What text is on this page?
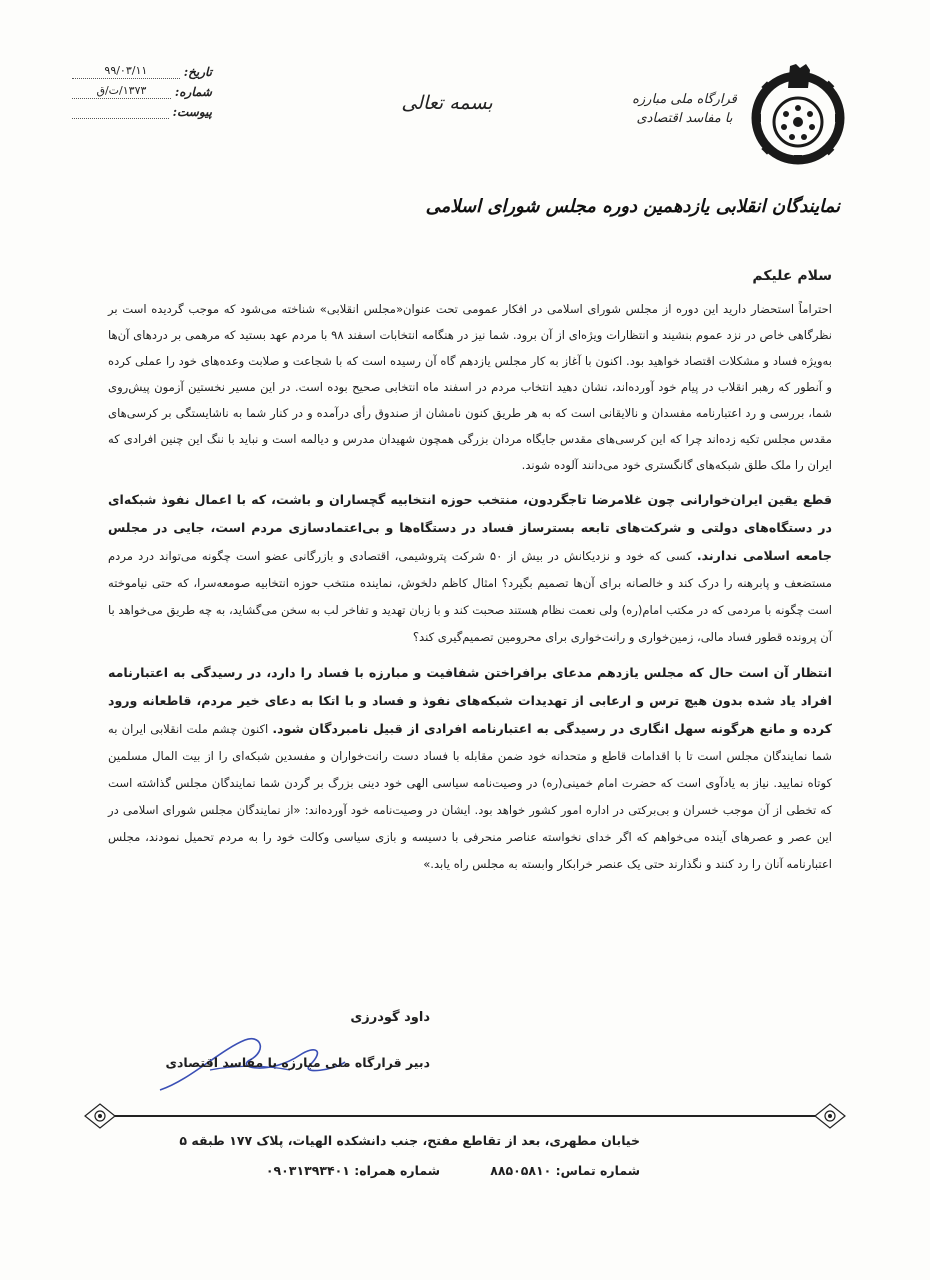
قرارگاه ملی مبارزه
با مفاسد اقتصادی
بسمه تعالی
تاریخ:
۹۹/۰۳/۱۱
شماره:
۱۳۷۳/ت/ق
پیوست:
نمایندگان انقلابی یازدهمین دوره مجلس شورای اسلامی

سلام علیکم

احتراماً استحضار دارید این دوره از مجلس شورای اسلامی در افکار عمومی تحت عنوان«مجلس انقلابی» شناخته می‌شود که موجب گردیده است بر نظرگاهی خاص در نزد عموم بنشیند و انتظارات ویژه‌ای از آن برود. شما نیز در هنگامه انتخابات اسفند ۹۸ با مردم عهد بستید که مرهمی بر دردهای آن‌ها به‌ویژه فساد و مشکلات اقتصاد خواهید بود. اکنون با آغاز به کار مجلس یازدهم گاه آن رسیده است که با شجاعت و صلابت وعده‌های خود را عملی کرده و آنطور که رهبر انقلاب در پیام خود آورده‌اند، نشان دهید انتخاب مردم در اسفند ماه انتخابی صحیح بوده است. در این مسیر نخستین آزمون پیش‌روی شما، بررسی و رد اعتبارنامه مفسدان و نالایقانی است که به هر طریق کنون نامشان از صندوق رأی درآمده و در کنار شما به ناشایستگی بر کرسی‌های مقدس مجلس تکیه زده‌اند چرا که این کرسی‌های مقدس جایگاه مردان بزرگی همچون شهیدان مدرس و دیالمه است و نباید با ننگ این چنین افرادی که ایران را ملک طلق شبکه‌های گانگستری خود می‌دانند آلوده شوند.

قطع یقین ایران‌خوارانی چون غلامرضا تاجگردون، منتخب حوزه انتخابیه گچساران و باشت، که با اعمال نفوذ شبکه‌ای در دستگاه‌های دولتی و شرکت‌های تابعه بسترساز فساد در دستگاه‌ها و بی‌اعتمادسازی مردم است، جایی در مجلس جامعه اسلامی ندارند. کسی که خود و نزدیکانش در بیش از ۵۰ شرکت پتروشیمی، اقتصادی و بازرگانی عضو است چگونه می‌تواند درد مردم مستضعف و پابرهنه را درک کند و خالصانه برای آن‌ها تصمیم بگیرد؟ امثال کاظم دلخوش، نماینده منتخب حوزه انتخابیه صومعه‌سرا، که حتی نیاموخته است چگونه با مردمی که در مکتب امام(ره) ولی نعمت نظام هستند صحبت کند و با زبان تهدید و تفاخر لب به سخن می‌گشاید، به چه طریق می‌خواهد با آن پرونده قطور فساد مالی، زمین‌خواری و رانت‌خواری برای محرومین تصمیم‌گیری کند؟

انتظار آن است حال که مجلس یازدهم مدعای برافراختن شفافیت و مبارزه با فساد را دارد، در رسیدگی به اعتبارنامه افراد یاد شده بدون هیچ ترس و ارعابی از تهدیدات شبکه‌های نفوذ و فساد و با اتکا به دعای خیر مردم، قاطعانه ورود کرده و مانع هرگونه سهل انگاری در رسیدگی به اعتبارنامه افرادی از قبیل نامبردگان شود. اکنون چشم ملت انقلابی ایران به شما نمایندگان مجلس است تا با اقدامات قاطع و متحدانه خود ضمن مقابله با فساد دست رانت‌خواران و مفسدین شبکه‌ای را از بیت المال مسلمین کوتاه نمایید. نیاز به یادآوی است که حضرت امام خمینی(ره) در وصیت‌نامه سیاسی الهی خود دینی بزرگ بر گردن شما نمایندگان مجلس گذاشته است که تخطی از آن موجب خسران و بی‌برکتی در اداره امور کشور خواهد بود. ایشان در وصیت‌نامه خود آورده‌اند: «از نمایندگان مجلس شورای اسلامی در این عصر و عصرهای آینده می‌خواهم که اگر خدای نخواسته عناصر منحرفی با دسیسه و بازی سیاسی وکالت خود را به مردم تحمیل نمودند، مجلس اعتبارنامه آنان را رد کنند و نگذارند حتی یک عنصر خرابکار وابسته به مجلس راه یابد.»

داود گودرزی
دبیر قرارگاه ملی مبارزه با مفاسد اقتصادی
خیابان مطهری، بعد از تقاطع مفتح، جنب دانشکده الهیات، پلاک ۱۷۷ طبقه ۵
شماره تماس: ۸۸۵۰۵۸۱۰
شماره همراه: ۰۹۰۳۱۳۹۳۴۰۱
